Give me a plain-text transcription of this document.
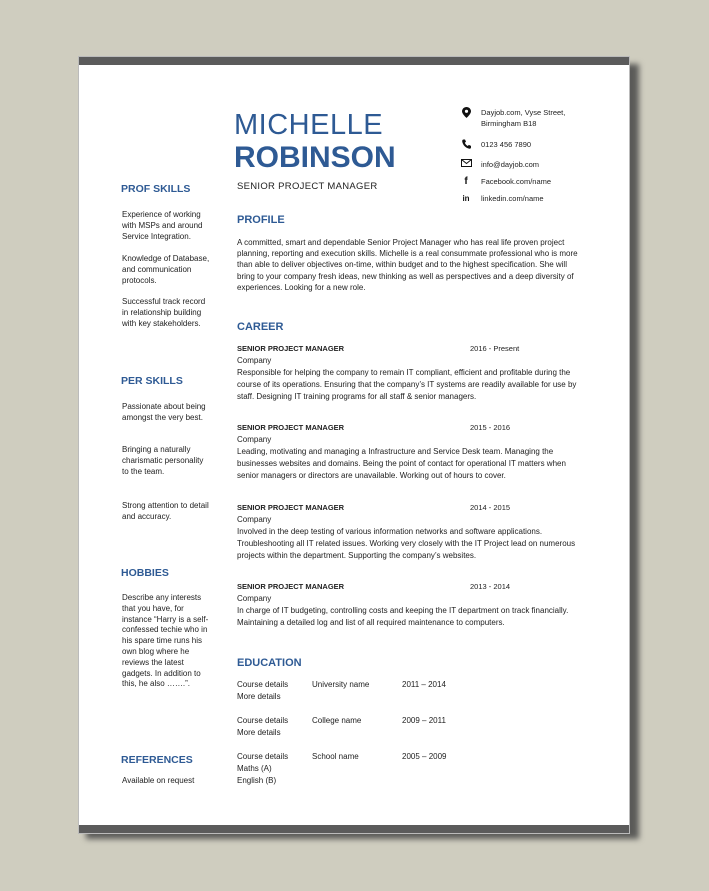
MICHELLE
ROBINSON
SENIOR PROJECT MANAGER
Dayjob.com, Vyse Street,
Birmingham B18
0123 456 7890
info@dayjob.com
f	Facebook.com/name
in	linkedin.com/name
PROF SKILLS

Experience of working with MSPs and around Service Integration.

Knowledge of Database, and communication protocols.

Successful track record in relationship building with key stakeholders.

PER SKILLS

Passionate about being amongst the very best.

Bringing a naturally charismatic personality to the team.

Strong attention to detail and accuracy.

HOBBIES

Describe any interests that you have, for instance “Harry is a self-confessed techie who in his spare time runs his own blog where he reviews the latest gadgets. In addition to this, he also …….”.

REFERENCES

Available on request

PROFILE

A committed, smart and dependable Senior Project Manager who has real life proven project planning, reporting and execution skills. Michelle is a real consummate professional who is more than able to deliver objectives on-time, within budget and to the highest specification. She will bring to your company fresh ideas, new thinking as well as perspectives and a deep diversity of experiences. Looking for a new role.

CAREER
SENIOR PROJECT MANAGER	2016 - Present
Company

Responsible for helping the company to remain IT compliant, efficient and profitable during the course of its operations. Ensuring that the company’s IT systems are readily available for use by staff. Designing IT training programs for all staff & senior managers.

SENIOR PROJECT MANAGER	2015 - 2016
Company

Leading, motivating and managing a Infrastructure and Service Desk team. Managing the businesses websites and domains. Being the point of contact for operational IT matters when senior managers or directors are unavailable. Working out of hours to cover.

SENIOR PROJECT MANAGER	2014 - 2015
Company

Involved in the deep testing of various information networks and software applications. Troubleshooting all IT related issues. Working very closely with the IT Project lead on numerous projects within the department. Supporting the company’s websites.

SENIOR PROJECT MANAGER	2013 - 2014
Company

In charge of IT budgeting, controlling costs and keeping the IT department on track financially. Maintaining a detailed log and list of all required maintenance to computers.

EDUCATION
Course details	University name	2011 – 2014
More details
Course details	College name	2009 – 2011
More details
Course details	School name	2005 – 2009
Maths (A)
English (B)
